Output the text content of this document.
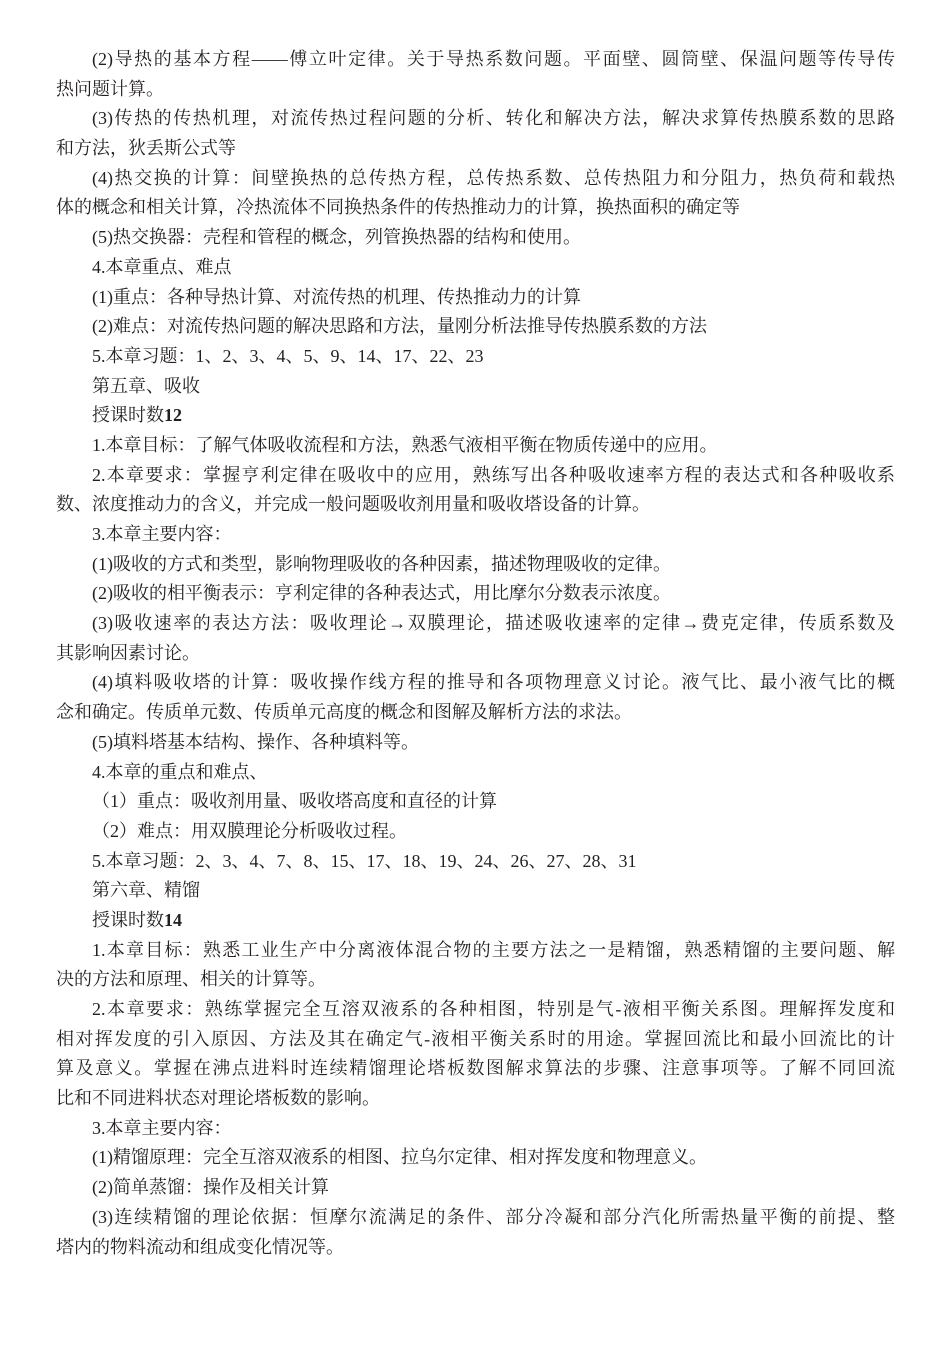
(2)导热的基本方程——傅立叶定律。关于导热系数问题。平面壁、圆筒壁、保温问题等传导传
热问题计算。
(3)传热的传热机理，对流传热过程问题的分析、转化和解决方法，解决求算传热膜系数的思路
和方法，狄丢斯公式等
(4)热交换的计算：间壁换热的总传热方程，总传热系数、总传热阻力和分阻力，热负荷和载热
体的概念和相关计算，冷热流体不同换热条件的传热推动力的计算，换热面积的确定等
(5)热交换器：壳程和管程的概念，列管换热器的结构和使用。
4.本章重点、难点
(1)重点：各种导热计算、对流传热的机理、传热推动力的计算
(2)难点：对流传热问题的解决思路和方法，量刚分析法推导传热膜系数的方法
5.本章习题：1、2、3、4、5、9、14、17、22、23
第五章、吸收
授课时数12
1.本章目标：了解气体吸收流程和方法，熟悉气液相平衡在物质传递中的应用。
2.本章要求：掌握亨利定律在吸收中的应用，熟练写出各种吸收速率方程的表达式和各种吸收系
数、浓度推动力的含义，并完成一般问题吸收剂用量和吸收塔设备的计算。
3.本章主要内容：
(1)吸收的方式和类型，影响物理吸收的各种因素，描述物理吸收的定律。
(2)吸收的相平衡表示：亨利定律的各种表达式，用比摩尔分数表示浓度。
(3)吸收速率的表达方法：吸收理论→双膜理论，描述吸收速率的定律→费克定律，传质系数及
其影响因素讨论。
(4)填料吸收塔的计算：吸收操作线方程的推导和各项物理意义讨论。液气比、最小液气比的概
念和确定。传质单元数、传质单元高度的概念和图解及解析方法的求法。
(5)填料塔基本结构、操作、各种填料等。
4.本章的重点和难点、
（1）重点：吸收剂用量、吸收塔高度和直径的计算
（2）难点：用双膜理论分析吸收过程。
5.本章习题：2、3、4、7、8、15、17、18、19、24、26、27、28、31
第六章、精馏
授课时数14
1.本章目标：熟悉工业生产中分离液体混合物的主要方法之一是精馏，熟悉精馏的主要问题、解
决的方法和原理、相关的计算等。
2.本章要求：熟练掌握完全互溶双液系的各种相图，特别是气-液相平衡关系图。理解挥发度和
相对挥发度的引入原因、方法及其在确定气-液相平衡关系时的用途。掌握回流比和最小回流比的计
算及意义。掌握在沸点进料时连续精馏理论塔板数图解求算法的步骤、注意事项等。了解不同回流
比和不同进料状态对理论塔板数的影响。
3.本章主要内容：
(1)精馏原理：完全互溶双液系的相图、拉乌尔定律、相对挥发度和物理意义。
(2)简单蒸馏：操作及相关计算
(3)连续精馏的理论依据：恒摩尔流满足的条件、部分冷凝和部分汽化所需热量平衡的前提、整
塔内的物料流动和组成变化情况等。
